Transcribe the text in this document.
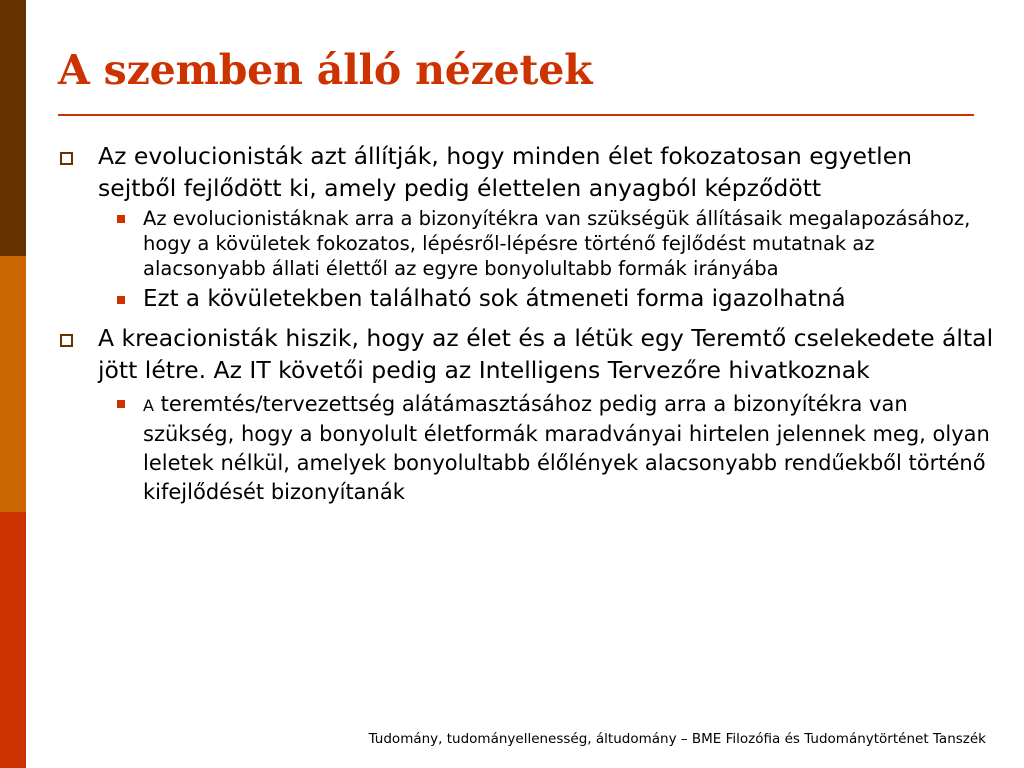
A szemben álló nézetek
Az evolucionisták azt állítják, hogy minden élet fokozatosan egyetlen sejtből fejlődött ki, amely pedig élettelen anyagból képződött
Az evolucionistáknak arra a bizonyítékra van szükségük állításaik megalapozásához, hogy a kövületek fokozatos, lépésről-lépésre történő fejlődést mutatnak az alacsonyabb állati élettől az egyre bonyolultabb formák irányába
Ezt a kövületekben található sok átmeneti forma igazolhatná
A kreacionisták hiszik, hogy az élet és a létük egy Teremtő cselekedete által jött létre. Az IT követői pedig az Intelligens Tervezőre hivatkoznak
A teremtés/tervezettség alátámasztásához pedig arra a bizonyítékra van szükség, hogy a bonyolult életformák maradványai hirtelen jelennek meg, olyan leletek nélkül, amelyek bonyolultabb élőlények alacsonyabb rendűekből történő kifejlődését bizonyítanák
Tudomány, tudományellenesség, áltudomány – BME Filozófia és Tudománytörténet Tanszék
